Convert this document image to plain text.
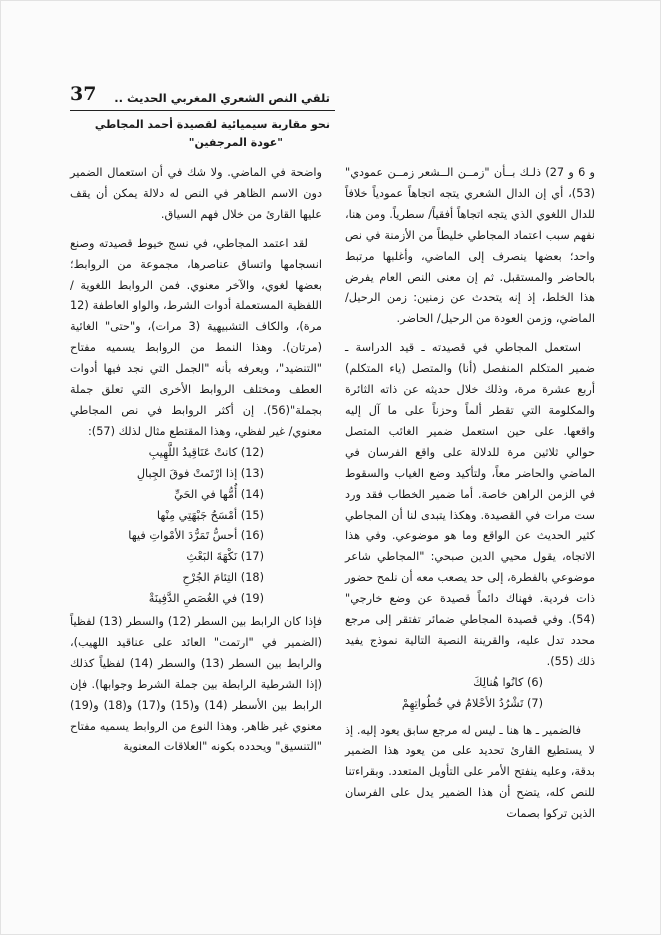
تلقي النص الشعري المغربي الحديث ..
37
نحو مقاربة سيميائية لقصيدة أحمد المجاطي
"عودة المرجفين"

و 6 و 27) ذلـك بــأن "زمــن الــشعر زمــن عمودي"(53)، أي إن الدال الشعري يتجه اتجاهاً عمودياً خلافاً للدال اللغوي الذي يتجه اتجاهاً أفقياً/ سطرياً. ومن هنا، نفهم سبب اعتماد المجاطي خليطاً من الأزمنة في نص واحد؛ بعضها ينصرف إلى الماضي، وأغلبها مرتبط بالحاضر والمستقبل. ثم إن معنى النص العام يفرض هذا الخلط، إذ إنه يتحدث عن زمنين: زمن الرحيل/ الماضي، وزمن العودة من الرحيل/ الحاضر.

استعمل المجاطي في قصيدته ـ قيد الدراسة ـ ضمير المتكلم المنفصل (أنا) والمتصل (ياء المتكلم) أربع عشرة مرة، وذلك خلال حديثه عن ذاته الثائرة والمكلومة التي تقطر ألماً وحزناً على ما آل إليه واقعها. على حين استعمل ضمير الغائب المتصل حوالي ثلاثين مرة للدلالة على واقع الفرسان في الماضي والحاضر معاً، ولتأكيد وضع الغياب والسقوط في الزمن الراهن خاصة. أما ضمير الخطاب فقد ورد ست مرات في القصيدة. وهكذا يتبدى لنا أن المجاطي كثير الحديث عن الواقع وما هو موضوعي. وفي هذا الاتجاه، يقول محيي الدين صبحي: "المجاطي شاعر موضوعي بالفطرة، إلى حد يصعب معه أن نلمح حضور ذات فردية. فهناك دائماً قصيدة عن وضع خارجي"(54). وفي قصيدة المجاطي ضمائر تفتقر إلى مرجع محدد تدل عليه، والقرينة النصية التالية نموذج يفيد ذلك (55).

(6) كانُوا هُنالِكَ

(7) تَشْرُدُ الأحْلامُ في خُطُواتِهِمْ

فالضمير ـ ها هنا ـ ليس له مرجع سابق يعود إليه. إذ لا يستطيع القارئ تحديد على من يعود هذا الضمير بدقة، وعليه ينفتح الأمر على التأويل المتعدد. وبقراءتنا للنص كله، يتضح أن هذا الضمير يدل على الفرسان الذين تركوا بصمات

واضحة في الماضي. ولا شك في أن استعمال الضمير دون الاسم الظاهر في النص له دلالة يمكن أن يقف عليها القارئ من خلال فهم السياق.

لقد اعتمد المجاطي، في نسج خيوط قصيدته وصنع انسجامها واتساق عناصرها، مجموعة من الروابط؛ بعضها لغوي، والآخر معنوي. فمن الروابط اللغوية /اللفظية المستعملة أدوات الشرط، والواو العاطفة (12 مرة)، والكاف التشبيهية (3 مرات)، و"حتى" الغائية (مرتان). وهذا النمط من الروابط يسميه مفتاح "التنضيد"، ويعرفه بأنه "الجمل التي نجد فيها أدوات العطف ومختلف الروابط الأخرى التي تعلق جملة بجملة"(56). إن أكثر الروابط في نص المجاطي معنوي/ غير لفظي، وهذا المقتطع مثال لذلك (57):

(12) كانتْ عَنَاقِيدُ اللَّهِيبِ

(13) إذا ارْتَمتْ فوقَ الجِبالِ

(14) أُمُّها في الحَيِّ

(15) أمْسَحُ جَبْهَتِي مِنْها

(16) أحسُّ تَمَرُّدَ الأمْواتِ فيها

(17) نَكْهَةَ البَعْثِ

(18) التِئامَ الجُرْحِ

(19) في الغُصَصِ الدَّفِينَةْ

فإذا كان الرابط بين السطر (12) والسطر (13) لفظياً (الضمير في "ارتمت" العائد على عناقيد اللهيب)، والرابط بين السطر (13) والسطر (14) لفظياً كذلك (إذا الشرطية الرابطة بين جملة الشرط وجوابها). فإن الرابط بين الأسطر (14) و(15) و(17) و(18) و(19) معنوي غير ظاهر. وهذا النوع من الروابط يسميه مفتاح "التنسيق" ويحدده بكونه "العلاقات المعنوية
